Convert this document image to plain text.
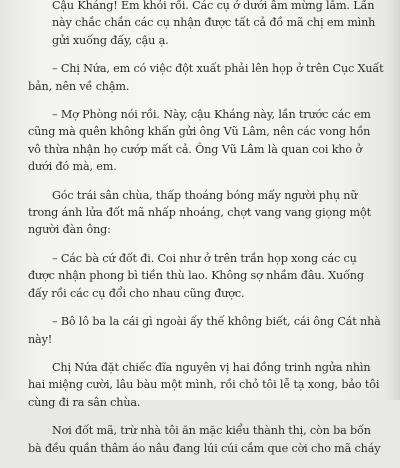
Cậu Kháng! Em khỏi rồi. Các cụ ở dưới âm mừng lắm. Lần này chắc chắn các cụ nhận được tất cả đồ mã chị em mình gửi xuống đấy, cậu ạ.

– Chị Nứa, em có việc đột xuất phải lên họp ở trên Cục Xuất bản, nên về chậm.

– Mợ Phòng nói rồi. Này, cậu Kháng này, lần trước các em cũng mà quên không khấn gửi ông Vũ Lâm, nên các vong hồn vô thừa nhận họ cướp mất cả. Ông Vũ Lâm là quan coi kho ở dưới đó mà, em.

Góc trái sân chùa, thấp thoáng bóng mấy người phụ nữ trong ánh lửa đốt mã nhấp nhoáng, chợt vang vang giọng một người đàn ông:

– Các bà cứ đốt đi. Coi như ở trên trần họp xong các cụ được nhận phong bì tiền thù lao. Không sợ nhầm đâu. Xuống đấy rồi các cụ đổi cho nhau cũng được.

– Bô lô ba la cái gì ngoài ấy thế không biết, cái ông Cát nhà này!

Chị Nứa đặt chiếc đĩa nguyên vị hai đồng trinh ngửa nhìn hai miệng cười, lâu bàu một mình, rồi chỏ tôi lễ tạ xong, bảo tôi cùng đi ra sân chùa.

Nơi đốt mã, trừ nhà tôi ăn mặc kiểu thành thị, còn ba bốn bà đều quần thâm áo nâu đang lúi cúi cắm que cời cho mã cháy
